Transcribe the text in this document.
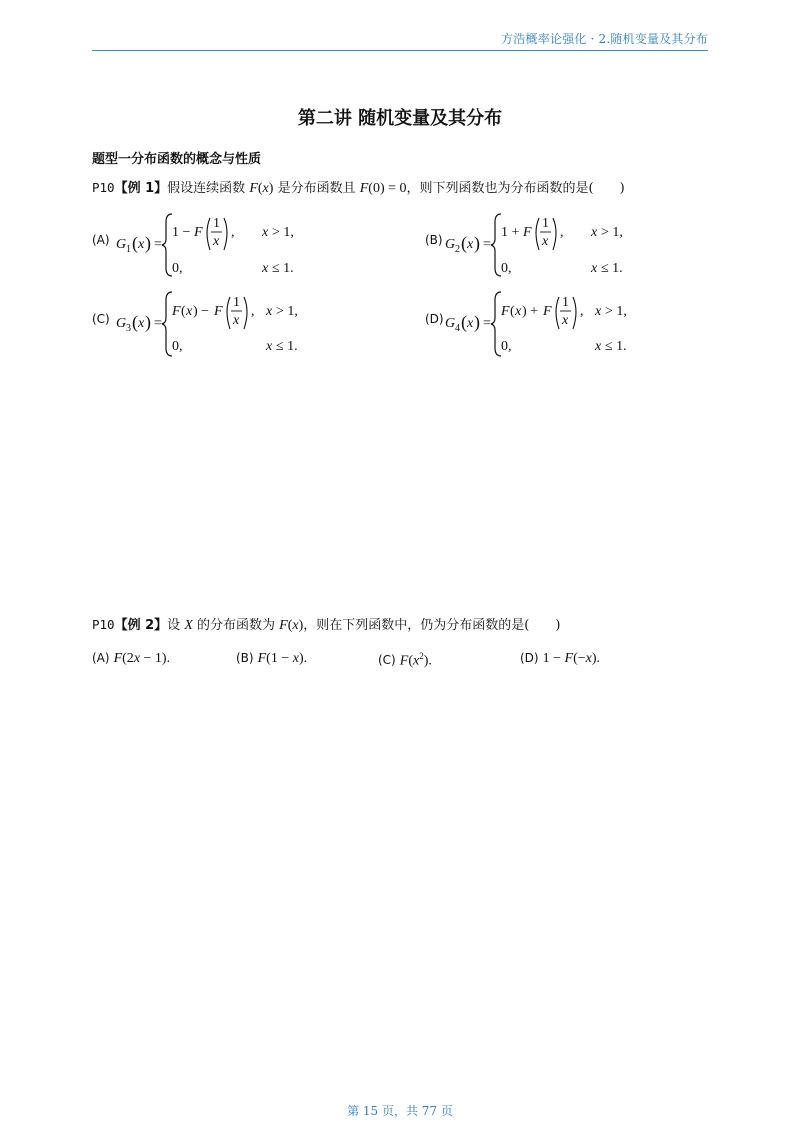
方浩概率论强化 · 2.随机变量及其分布
第二讲 随机变量及其分布
题型一分布函数的概念与性质
P10【例 1】假设连续函数 F(x) 是分布函数且 F(0) = 0，则下列函数也为分布函数的是(　　)
(A) G 1 ( x ) =
1 − F
1
x
, x > 1,
0,	x ≤ 1.
(B) G 2 ( x ) =
1 + F
1
x
, x > 1,
0,	x ≤ 1.
(C) G 3 ( x ) =
F ( x ) − F
1
x
, x > 1,
0,	x ≤ 1.
(D) G 4 ( x ) =
F ( x ) + F
1
x
, x > 1,
0,	x ≤ 1.
P10【例 2】设 X 的分布函数为 F(x)，则在下列函数中，仍为分布函数的是(　　)
(A) F(2x − 1).	(B) F(1 − x).	(C) $F(x^2)$.	(D) 1 − F(−x).
第 15 页，共 77 页
